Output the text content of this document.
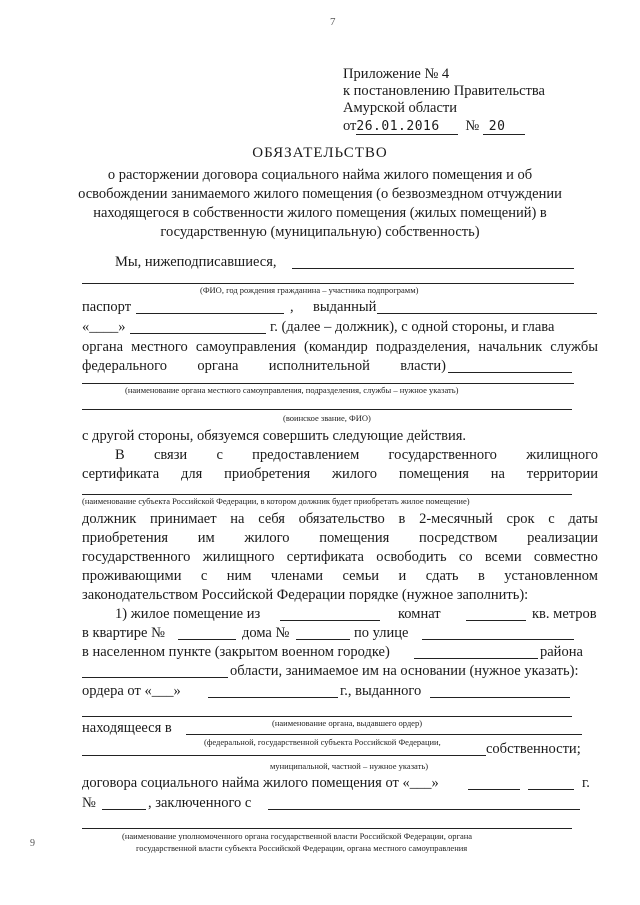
7
Приложение № 4
к постановлению Правительства
Амурской области
от26.01.2016 № 20
ОБЯЗАТЕЛЬСТВО
о расторжении договора социального найма жилого помещения и об
освобождении занимаемого жилого помещения (о безвозмездном отчуждении
находящегося в собственности жилого помещения (жилых помещений) в
государственную (муниципальную) собственность)
Мы, нижеподписавшиеся,
(ФИО, год рождения гражданина – участника подпрограмм)
паспорт	, выданный
«____»	г. (далее – должник), с одной стороны, и глава
органа местного самоуправления (командир подразделения, начальник службы
федерального органа исполнительной власти)
(наименование органа местного самоуправления, подразделения, службы – нужное указать)
(воинское звание, ФИО)
с другой стороны, обязуемся совершить следующие действия.
В связи с предоставлением государственного жилищного
сертификата для приобретения жилого помещения на территории
(наименование субъекта Российской Федерации, в котором должник будет приобретать жилое помещение)
должник принимает на себя обязательство в 2-месячный срок с даты
приобретения им жилого помещения посредством реализации
государственного жилищного сертификата освободить со всеми совместно
проживающими с ним членами семьи и сдать в установленном
законодательством Российской Федерации порядке (нужное заполнить):
1) жилое помещение из	комнат	кв. метров
в квартире №	дома №	по улице
в населенном пункте (закрытом военном городке)	района
области, занимаемое им на основании (нужное указать):
ордера от «___»	г., выданного
(наименование органа, выдавшего ордер)
находящееся в
(федеральной, государственной субъекта Российской Федерации,	собственности;
муниципальной, частной – нужное указать)
договора социального найма жилого помещения от «___»	г.
№	, заключенного с
(наименование уполномоченного органа государственной власти Российской Федерации, органа
государственной власти субъекта Российской Федерации, органа местного самоуправления
9
